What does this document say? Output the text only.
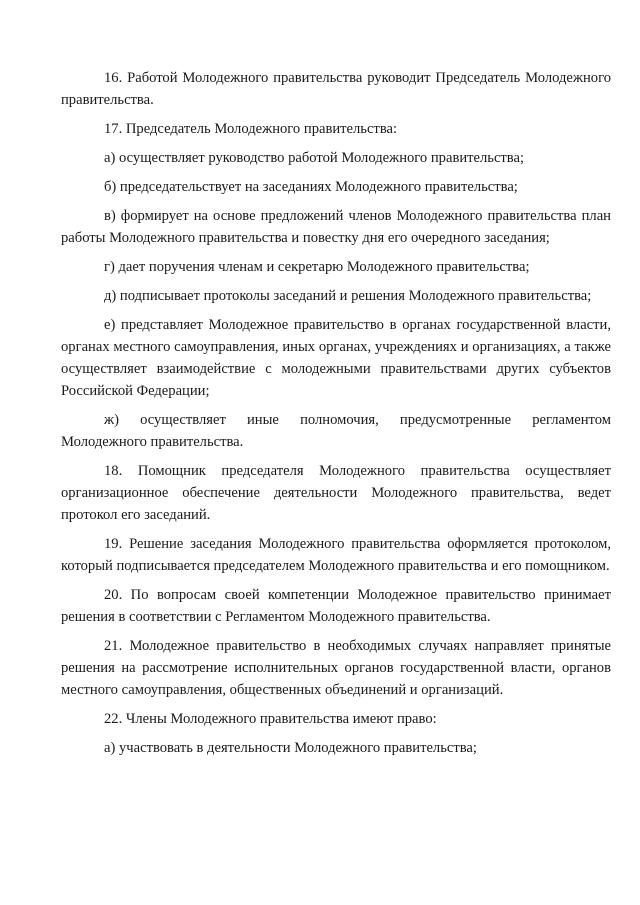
16. Работой Молодежного правительства руководит Председатель Молодежного правительства.

17. Председатель Молодежного правительства:

а) осуществляет руководство работой Молодежного правительства;

б) председательствует на заседаниях Молодежного правительства;

в) формирует на основе предложений членов Молодежного правительства план работы Молодежного правительства и повестку дня его очередного заседания;

г) дает поручения членам и секретарю Молодежного правительства;

д) подписывает протоколы заседаний и решения Молодежного правительства;

е) представляет Молодежное правительство в органах государственной власти, органах местного самоуправления, иных органах, учреждениях и организациях, а также осуществляет взаимодействие с молодежными правительствами других субъектов Российской Федерации;

ж) осуществляет иные полномочия, предусмотренные регламентом Молодежного правительства.

18. Помощник председателя Молодежного правительства осуществляет организационное обеспечение деятельности Молодежного правительства, ведет протокол его заседаний.

19. Решение заседания Молодежного правительства оформляется протоколом, который подписывается председателем Молодежного правительства и его помощником.

20. По вопросам своей компетенции Молодежное правительство принимает решения в соответствии с Регламентом Молодежного правительства.

21. Молодежное правительство в необходимых случаях направляет принятые решения на рассмотрение исполнительных органов государственной власти, органов местного самоуправления, общественных объединений и организаций.

22. Члены Молодежного правительства имеют право:

а) участвовать в деятельности Молодежного правительства;
